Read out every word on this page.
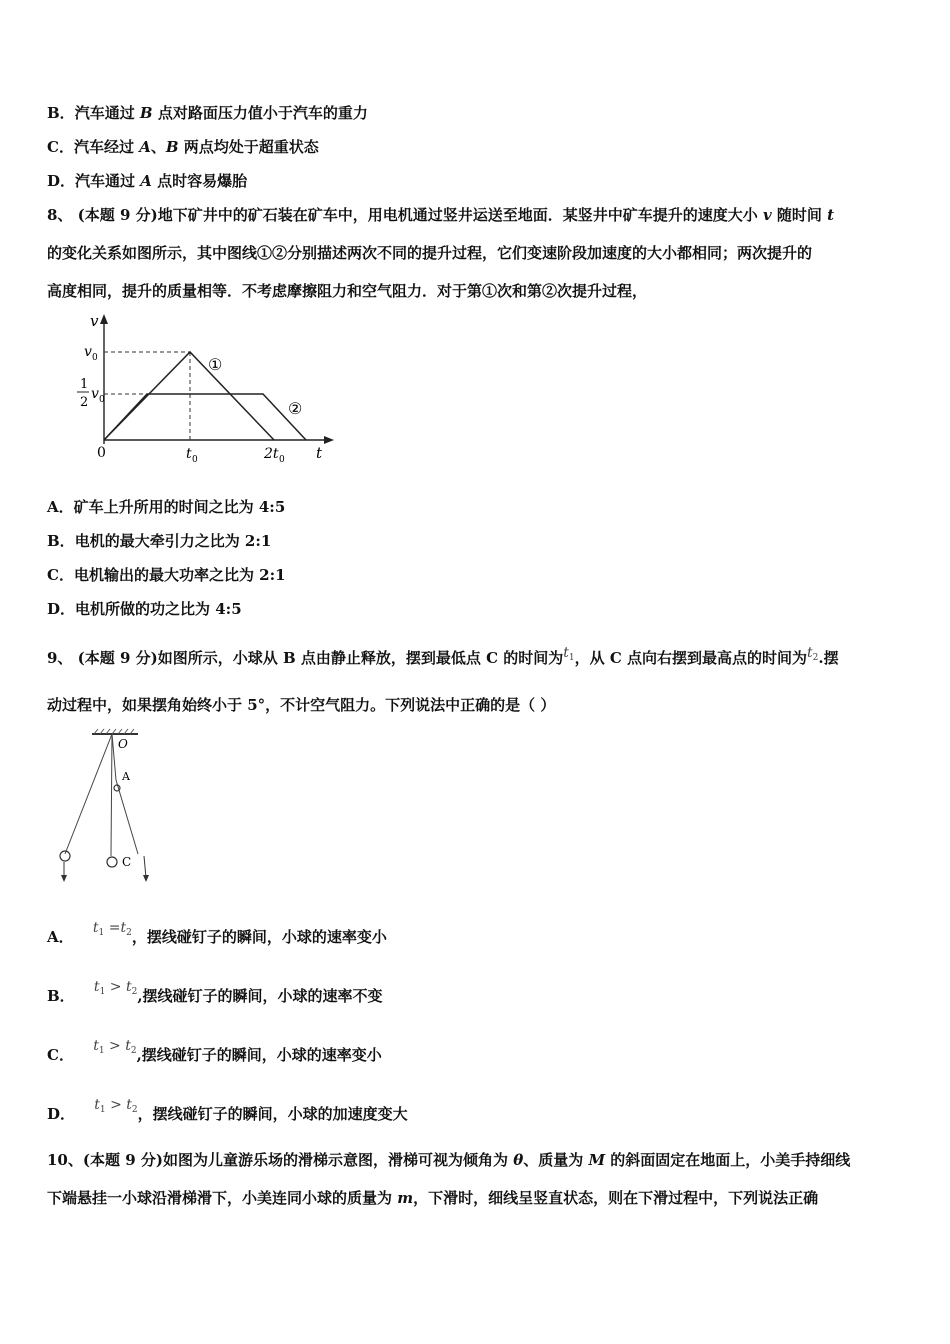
B．汽车通过 B 点对路面压力值小于汽车的重力
C．汽车经过 A、B 两点均处于超重状态
D．汽车通过 A 点时容易爆胎
8、 (本题 9 分)地下矿井中的矿石装在矿车中，用电机通过竖井运送至地面．某竖井中矿车提升的速度大小 v 随时间 t
的变化关系如图所示，其中图线①②分别描述两次不同的提升过程，它们变速阶段加速度的大小都相同；两次提升的
高度相同，提升的质量相等．不考虑摩擦阻力和空气阻力．对于第①次和第②次提升过程，
v
t
v 0
1
2
v 0
0	t 0	2t 0
①
②
A．矿车上升所用的时间之比为 4:5
B．电机的最大牵引力之比为 2:1
C．电机输出的最大功率之比为 2:1
D．电机所做的功之比为 4:5
9、 (本题 9 分)如图所示，小球从 B 点由静止释放，摆到最低点 C 的时间为$t_1$，从 C 点向右摆到最高点的时间为$t_2$.摆
动过程中，如果摆角始终小于 5°，不计空气阻力。下列说法中正确的是（ ）
O
A
C
A． $t_1 =t_2$，摆线碰钉子的瞬间，小球的速率变小
B． $t_1 > t_2$,摆线碰钉子的瞬间，小球的速率不变
C． $t_1 > t_2$,摆线碰钉子的瞬间，小球的速率变小
D． $t_1 > t_2$，摆线碰钉子的瞬间，小球的加速度变大
10、(本题 9 分)如图为儿童游乐场的滑梯示意图，滑梯可视为倾角为 θ、质量为 M 的斜面固定在地面上，小美手持细线
下端悬挂一小球沿滑梯滑下，小美连同小球的质量为 m，下滑时，细线呈竖直状态，则在下滑过程中，下列说法正确
